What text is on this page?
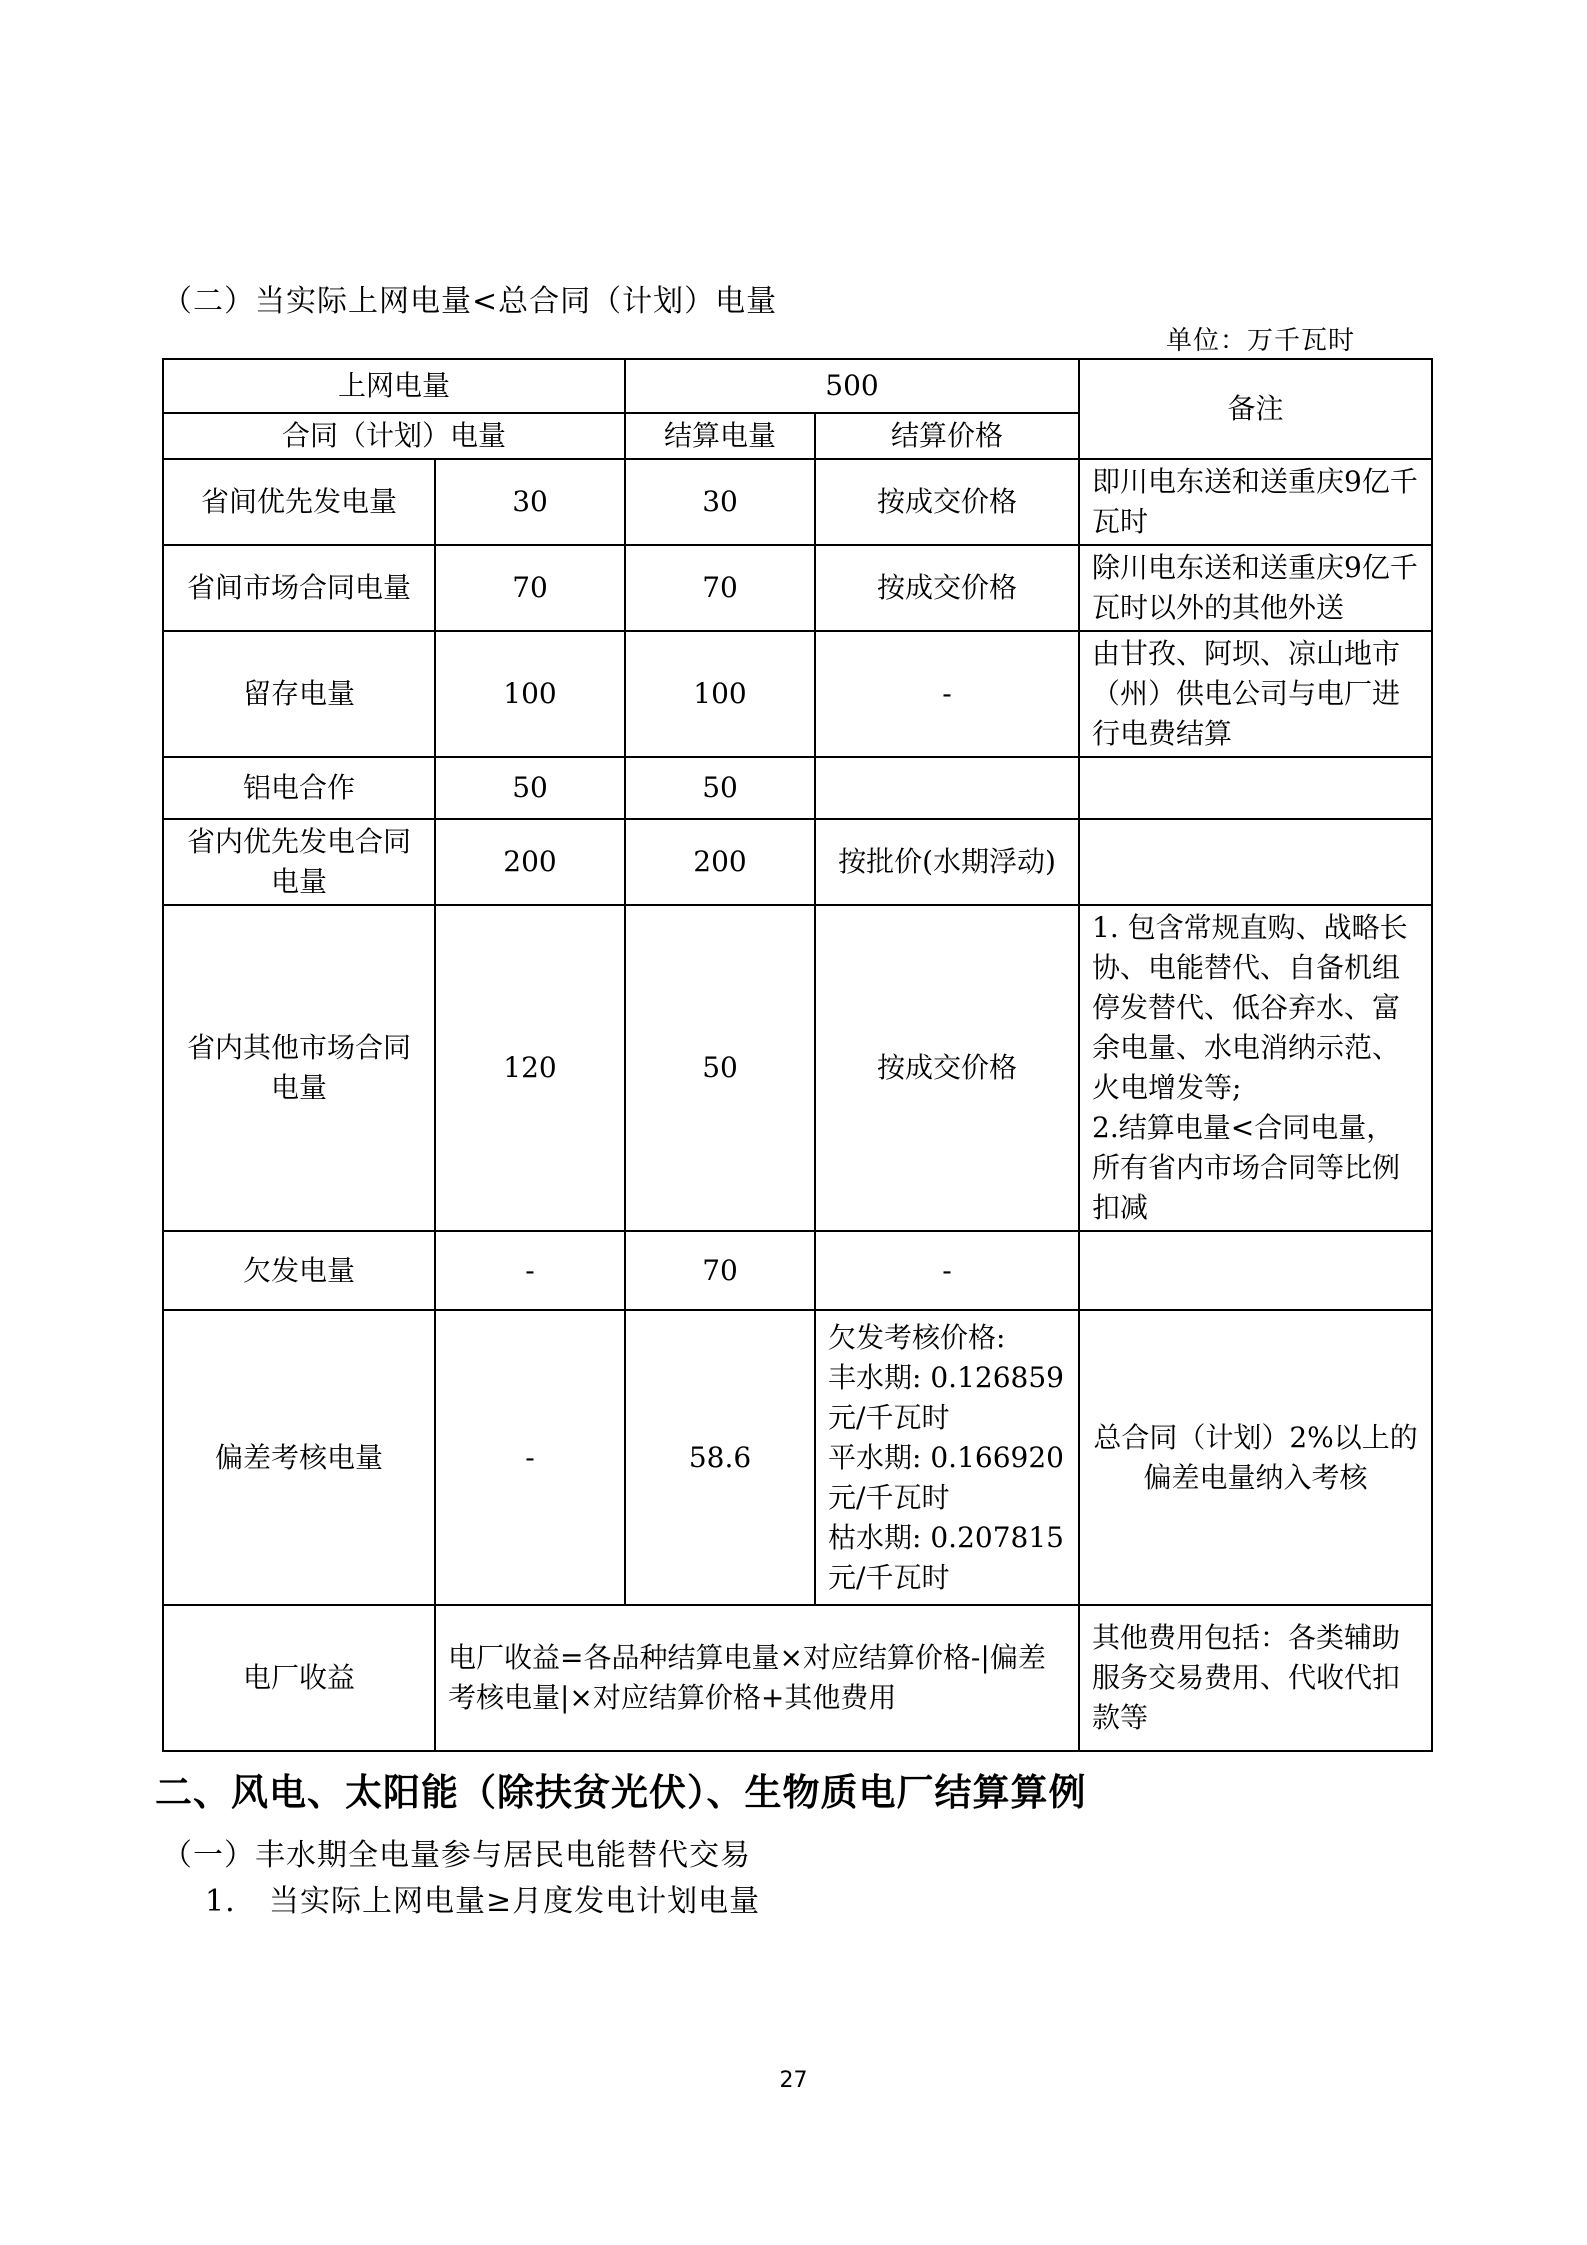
（二）当实际上网电量<总合同（计划）电量
单位：万千瓦时
上网电量		500		备注
合同（计划）电量		结算电量	结算价格	
省间优先发电量	30	30	按成交价格	即川电东送和送重庆9亿千瓦时
省间市场合同电量	70	70	按成交价格	除川电东送和送重庆9亿千瓦时以外的其他外送
留存电量	100	100	-	由甘孜、阿坝、凉山地市（州）供电公司与电厂进行电费结算
铝电合作	50	50		
省内优先发电合同电量	200	200	按批价(水期浮动)	
省内其他市场合同电量	120	50	按成交价格	1. 包含常规直购、战略长协、电能替代、自备机组停发替代、低谷弃水、富余电量、水电消纳示范、火电增发等;
2.结算电量<合同电量，所有省内市场合同等比例扣减

欠发电量	-	70	-	
偏差考核电量	-	58.6	欠发考核价格:
丰水期: 0.126859元/千瓦时
平水期: 0.166920元/千瓦时
枯水期: 0.207815元/千瓦时	总合同（计划）2%以上的偏差电量纳入考核
电厂收益	电厂收益=各品种结算电量×对应结算价格-|偏差考核电量|×对应结算价格+其他费用			其他费用包括：各类辅助服务交易费用、代收代扣款等
二、风电、太阳能（除扶贫光伏）、生物质电厂结算算例
（一）丰水期全电量参与居民电能替代交易
1. 当实际上网电量≥月度发电计划电量
27
